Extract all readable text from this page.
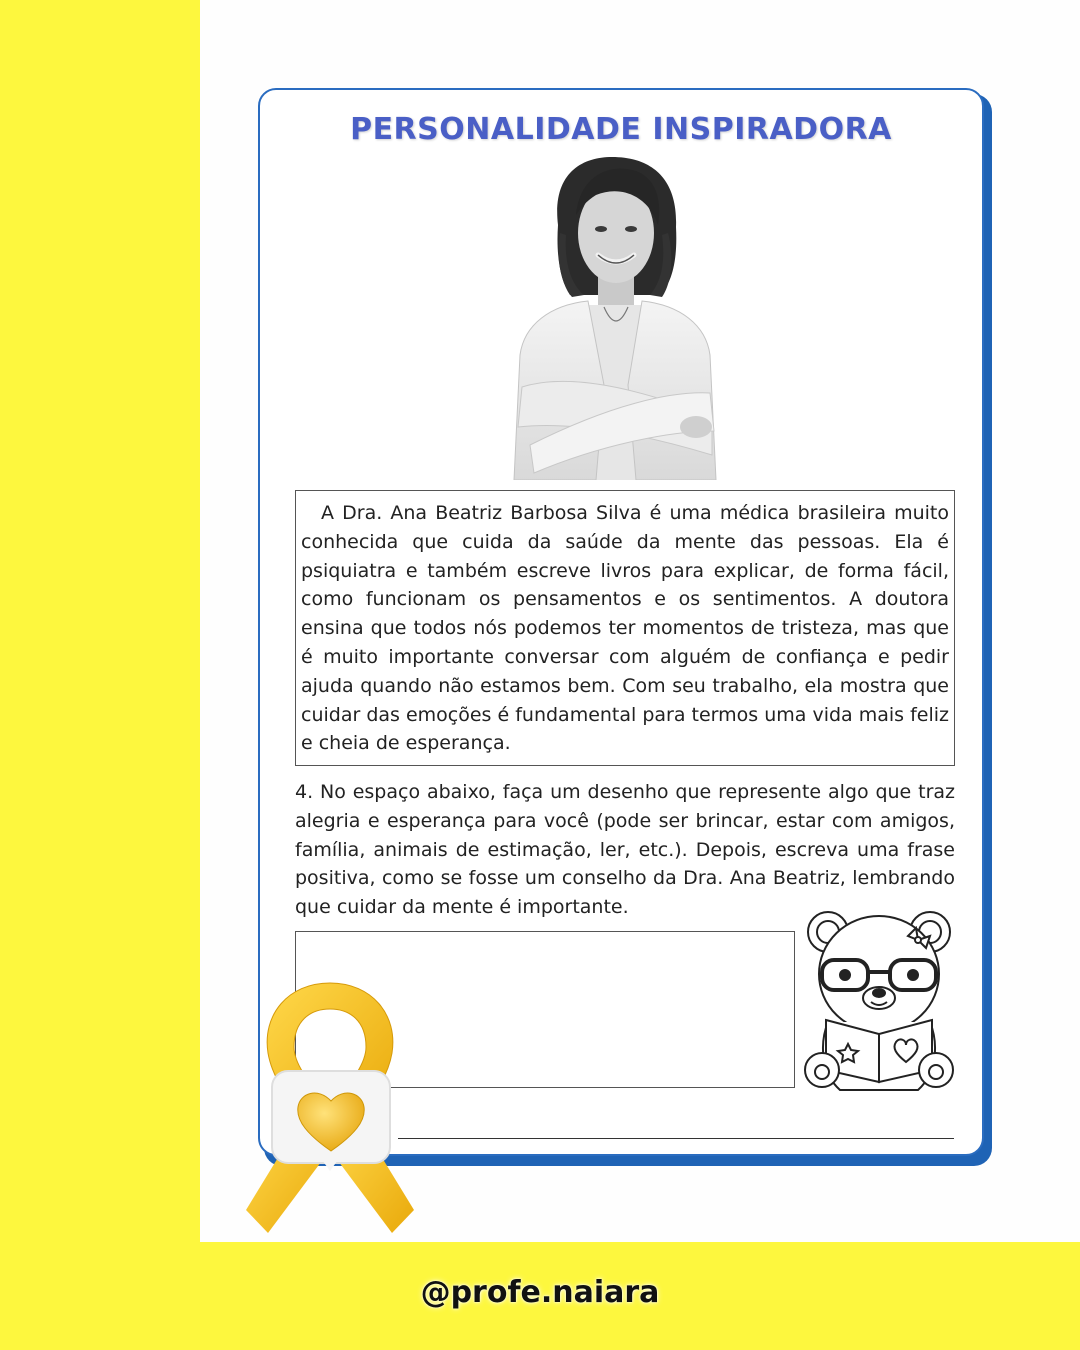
@profe.naiara
PERSONALIDADE INSPIRADORA

A Dra. Ana Beatriz Barbosa Silva é uma médica brasileira muito conhecida que cuida da saúde da mente das pessoas. Ela é psiquiatra e também escreve livros para explicar, de forma fácil, como funcionam os pensamentos e os sentimentos. A doutora ensina que todos nós podemos ter momentos de tristeza, mas que é muito importante conversar com alguém de confiança e pedir ajuda quando não estamos bem. Com seu trabalho, ela mostra que cuidar das emoções é fundamental para termos uma vida mais feliz e cheia de esperança.

4. No espaço abaixo, faça um desenho que represente algo que traz alegria e esperança para você (pode ser brincar, estar com amigos, família, animais de estimação, ler, etc.). Depois, escreva uma frase positiva, como se fosse um conselho da Dra. Ana Beatriz, lembrando que cuidar da mente é importante.
